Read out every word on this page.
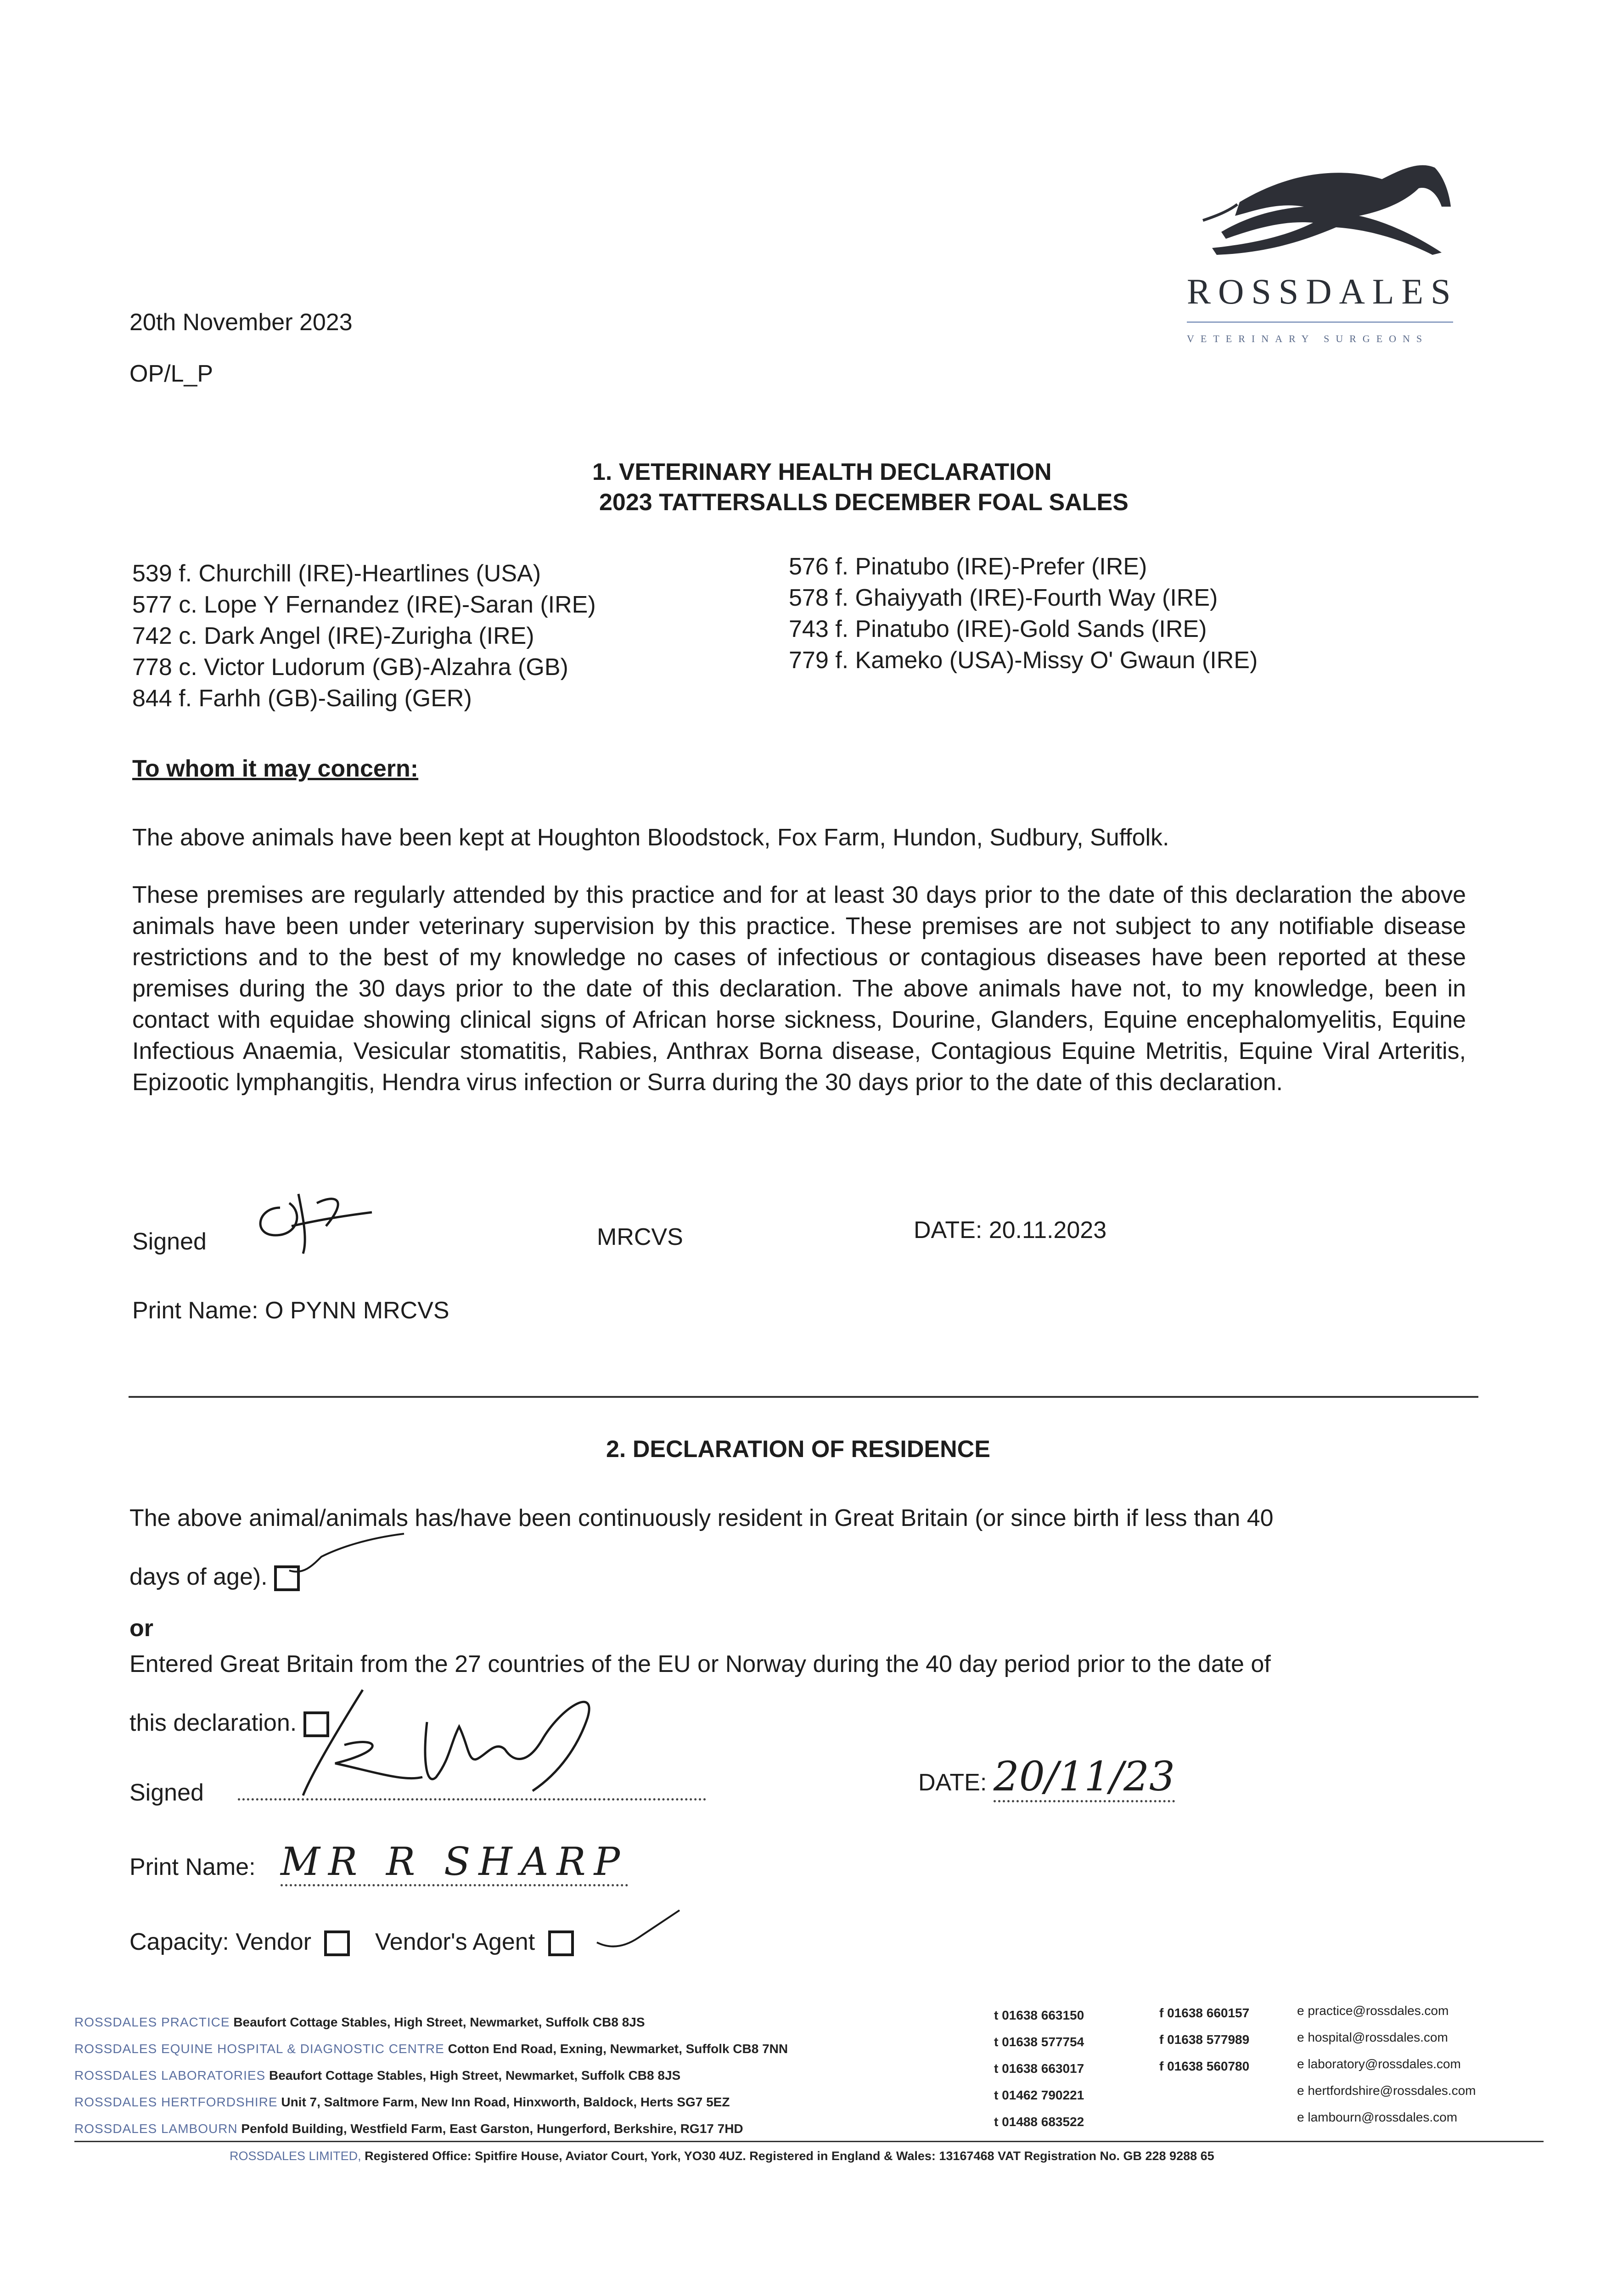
ROSSDALES
VETERINARY SURGEONS
20th November 2023
OP/L_P
1. VETERINARY HEALTH DECLARATION
2023 TATTERSALLS DECEMBER FOAL SALES
539 f. Churchill (IRE)-Heartlines (USA)
577 c. Lope Y Fernandez (IRE)-Saran (IRE)
742 c. Dark Angel (IRE)-Zurigha (IRE)
778 c. Victor Ludorum (GB)-Alzahra (GB)
844 f. Farhh (GB)-Sailing (GER)
576 f. Pinatubo (IRE)-Prefer (IRE)
578 f. Ghaiyyath (IRE)-Fourth Way (IRE)
743 f. Pinatubo (IRE)-Gold Sands (IRE)
779 f. Kameko (USA)-Missy O' Gwaun (IRE)
To whom it may concern:
The above animals have been kept at Houghton Bloodstock, Fox Farm, Hundon, Sudbury, Suffolk.
These premises are regularly attended by this practice and for at least 30 days prior to the date of this declaration the above animals have been under veterinary supervision by this practice. These premises are not subject to any notifiable disease restrictions and to the best of my knowledge no cases of infectious or contagious diseases have been reported at these premises during the 30 days prior to the date of this declaration. The above animals have not, to my knowledge, been in contact with equidae showing clinical signs of African horse sickness, Dourine, Glanders, Equine encephalomyelitis, Equine Infectious Anaemia, Vesicular stomatitis, Rabies, Anthrax Borna disease, Contagious Equine Metritis, Equine Viral Arteritis, Epizootic lymphangitis, Hendra virus infection or Surra during the 30 days prior to the date of this declaration.
Signed	MRCVS	DATE: 20.11.2023
Print Name: O PYNN MRCVS
2. DECLARATION OF RESIDENCE
The above animal/animals has/have been continuously resident in Great Britain (or since birth if less than 40
days of age).
or
Entered Great Britain from the 27 countries of the EU or Norway during the 40 day period prior to the date of
this declaration.
Signed	DATE: 20/11/23
Print Name: MR R SHARP
Capacity: Vendor	Vendor's Agent
ROSSDALES PRACTICE Beaufort Cottage Stables, High Street, Newmarket, Suffolk CB8 8JS
ROSSDALES EQUINE HOSPITAL & DIAGNOSTIC CENTRE Cotton End Road, Exning, Newmarket, Suffolk CB8 7NN
ROSSDALES LABORATORIES Beaufort Cottage Stables, High Street, Newmarket, Suffolk CB8 8JS
ROSSDALES HERTFORDSHIRE Unit 7, Saltmore Farm, New Inn Road, Hinxworth, Baldock, Herts SG7 5EZ
ROSSDALES LAMBOURN Penfold Building, Westfield Farm, East Garston, Hungerford, Berkshire, RG17 7HD
t 01638 663150
t 01638 577754
t 01638 663017
t 01462 790221
t 01488 683522
f 01638 660157
f 01638 577989
f 01638 560780
e practice@rossdales.com
e hospital@rossdales.com
e laboratory@rossdales.com
e hertfordshire@rossdales.com
e lambourn@rossdales.com
ROSSDALES LIMITED, Registered Office: Spitfire House, Aviator Court, York, YO30 4UZ. Registered in England & Wales: 13167468 VAT Registration No. GB 228 9288 65
